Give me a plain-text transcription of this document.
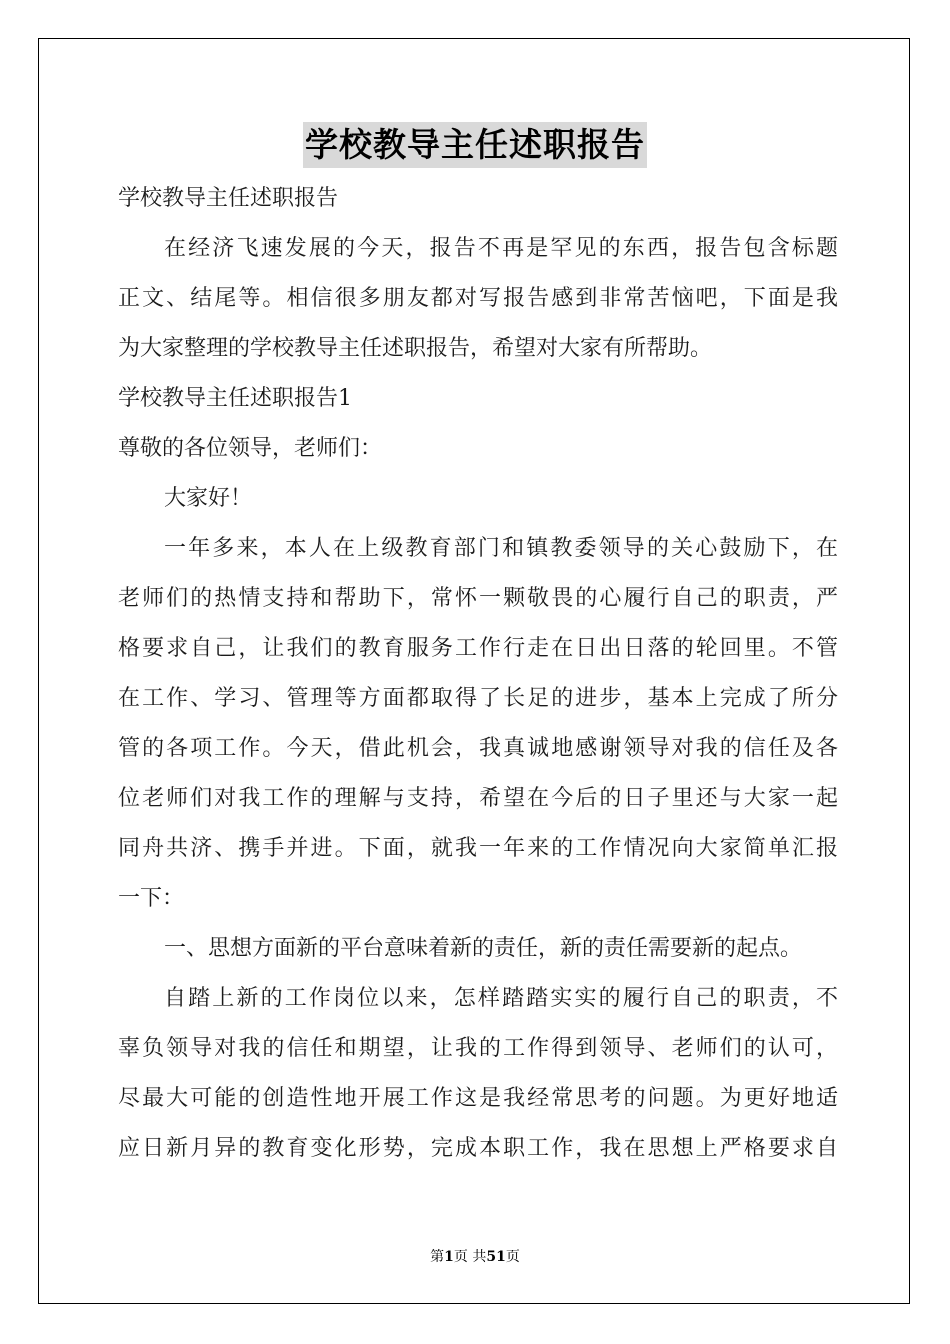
学校教导主任述职报告
学校教导主任述职报告
在经济飞速发展的今天，报告不再是罕见的东西，报告包含标题
正文、结尾等。相信很多朋友都对写报告感到非常苦恼吧，下面是我
为大家整理的学校教导主任述职报告，希望对大家有所帮助。
学校教导主任述职报告1
尊敬的各位领导，老师们：
大家好！
一年多来，本人在上级教育部门和镇教委领导的关心鼓励下，在
老师们的热情支持和帮助下，常怀一颗敬畏的心履行自己的职责，严
格要求自己，让我们的教育服务工作行走在日出日落的轮回里。不管
在工作、学习、管理等方面都取得了长足的进步，基本上完成了所分
管的各项工作。今天，借此机会，我真诚地感谢领导对我的信任及各
位老师们对我工作的理解与支持，希望在今后的日子里还与大家一起
同舟共济、携手并进。下面，就我一年来的工作情况向大家简单汇报
一下：
一、思想方面新的平台意味着新的责任，新的责任需要新的起点。
自踏上新的工作岗位以来，怎样踏踏实实的履行自己的职责，不
辜负领导对我的信任和期望，让我的工作得到领导、老师们的认可，
尽最大可能的创造性地开展工作这是我经常思考的问题。为更好地适
应日新月异的教育变化形势，完成本职工作，我在思想上严格要求自
第1页 共51页
